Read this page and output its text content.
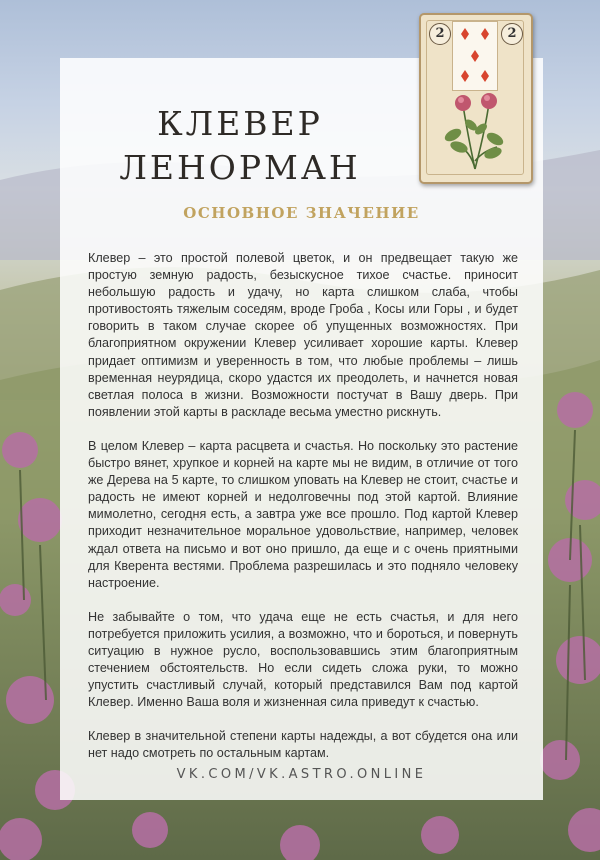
КЛЕВЕР
ЛЕНОРМАН
2	2
ОСНОВНОЕ ЗНАЧЕНИЕ

Клевер – это простой полевой цветок, и он предвещает такую же простую земную радость, безыскусное тихое счастье. приносит небольшую радость и удачу, но карта слишком слаба, чтобы противостоять тяжелым соседям, вроде Гроба , Косы или Горы , и будет говорить в таком случае скорее об упущенных возможностях. При благоприятном окружении Клевер усиливает хорошие карты. Клевер придает оптимизм и уверенность в том, что любые проблемы – лишь временная неурядица, скоро удастся их преодолеть, и начнется новая светлая полоса в жизни. Возможности постучат в Вашу дверь. При появлении этой карты в раскладе весьма уместно рискнуть.

В целом Клевер – карта расцвета и счастья. Но поскольку это растение быстро вянет, хрупкое и корней на карте мы не видим, в отличие от того же Дерева на 5 карте, то слишком уповать на Клевер не стоит, счастье и радость не имеют корней и недолговечны под этой картой. Влияние мимолетно, сегодня есть, а завтра уже все прошло. Под картой Клевер приходит незначительное моральное удовольствие, например, человек ждал ответа на письмо и вот оно пришло, да еще и с очень приятными для Кверента вестями. Проблема разрешилась и это подняло человеку настроение.

Не забывайте о том, что удача еще не есть счастья, и для него потребуется приложить усилия, а возможно, что и бороться, и повернуть ситуацию в нужное русло, воспользовавшись этим благоприятным стечением обстоятельств. Но если сидеть сложа руки, то можно упустить счастливый случай, который представился Вам под картой Клевер. Именно Ваша воля и жизненная сила приведут к счастью.

Клевер в значительной степени карты надежды, а вот сбудется она или нет надо смотреть по остальным картам.

VK.COM/VK.ASTRO.ONLINE
